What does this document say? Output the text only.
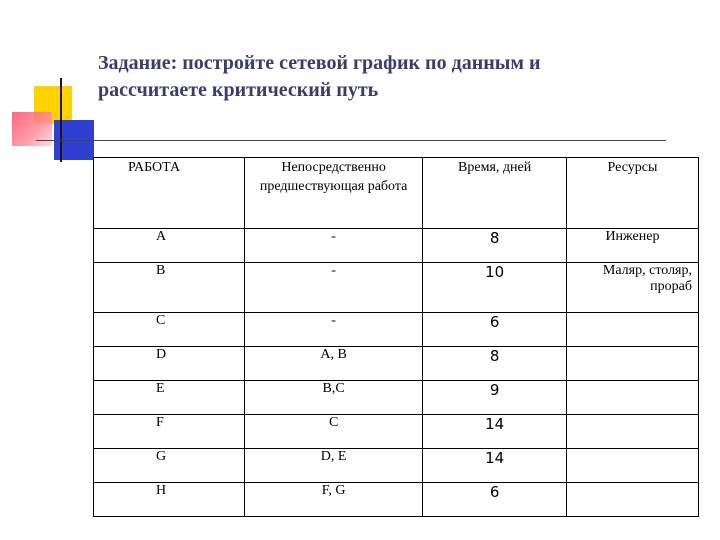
Задание: постройте сетевой график по данным и
рассчитаете критический путь
РАБОТА	Непосредственно предшествующая работа	Время, дней	Ресурсы
A	-	8	Инженер
B	-	10	Маляр, столяр, прораб
C	-	6	
D	A, B	8	
E	B,C	9	
F	C	14	
G	D, E	14	
H	F, G	6	
